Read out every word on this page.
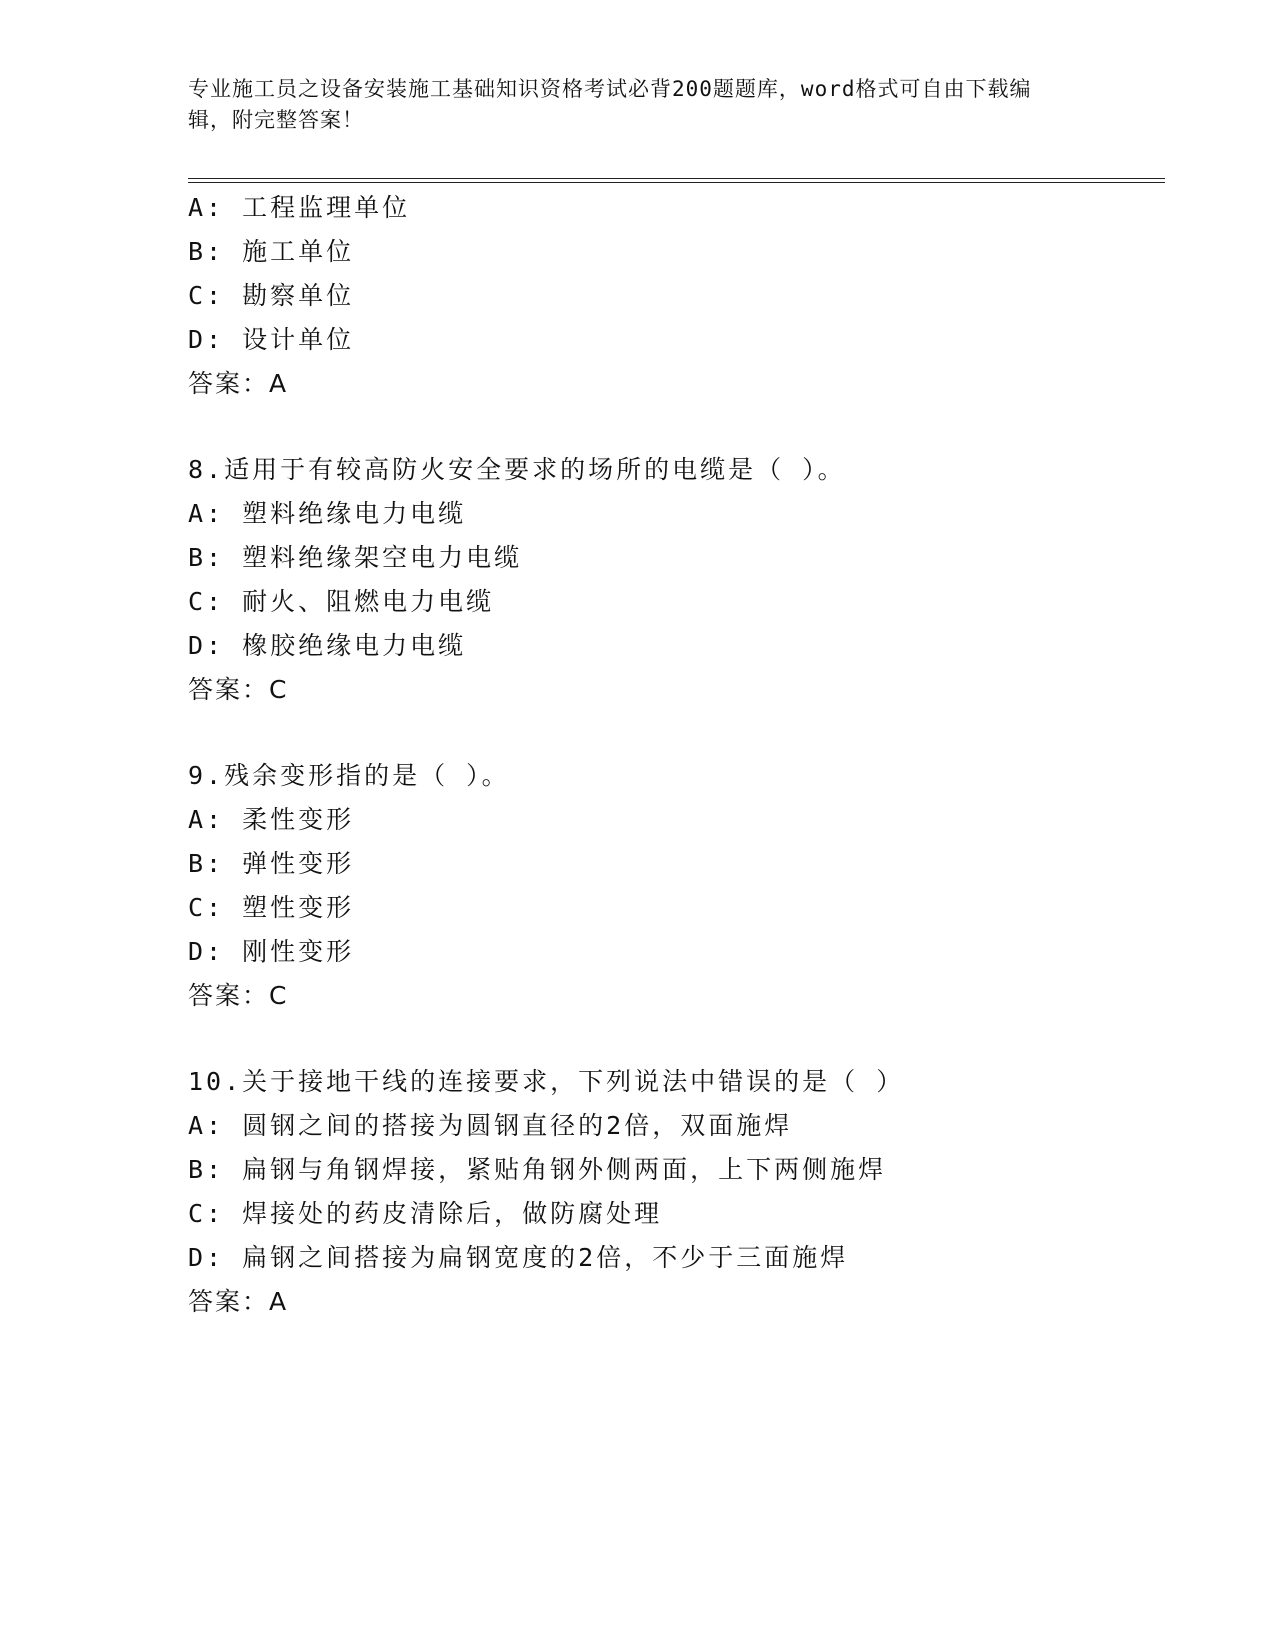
专业施工员之设备安装施工基础知识资格考试必背200题题库，word格式可自由下载编辑，附完整答案！
A: 工程监理单位
B: 施工单位
C: 勘察单位
D: 设计单位
答案：A
8.适用于有较高防火安全要求的场所的电缆是（ ）。
A: 塑料绝缘电力电缆
B: 塑料绝缘架空电力电缆
C: 耐火、阻燃电力电缆
D: 橡胶绝缘电力电缆
答案：C
9.残余变形指的是（ ）。
A: 柔性变形
B: 弹性变形
C: 塑性变形
D: 刚性变形
答案：C
10.关于接地干线的连接要求，下列说法中错误的是（ ）
A: 圆钢之间的搭接为圆钢直径的2倍，双面施焊
B: 扁钢与角钢焊接，紧贴角钢外侧两面，上下两侧施焊
C: 焊接处的药皮清除后，做防腐处理
D: 扁钢之间搭接为扁钢宽度的2倍，不少于三面施焊
答案：A
